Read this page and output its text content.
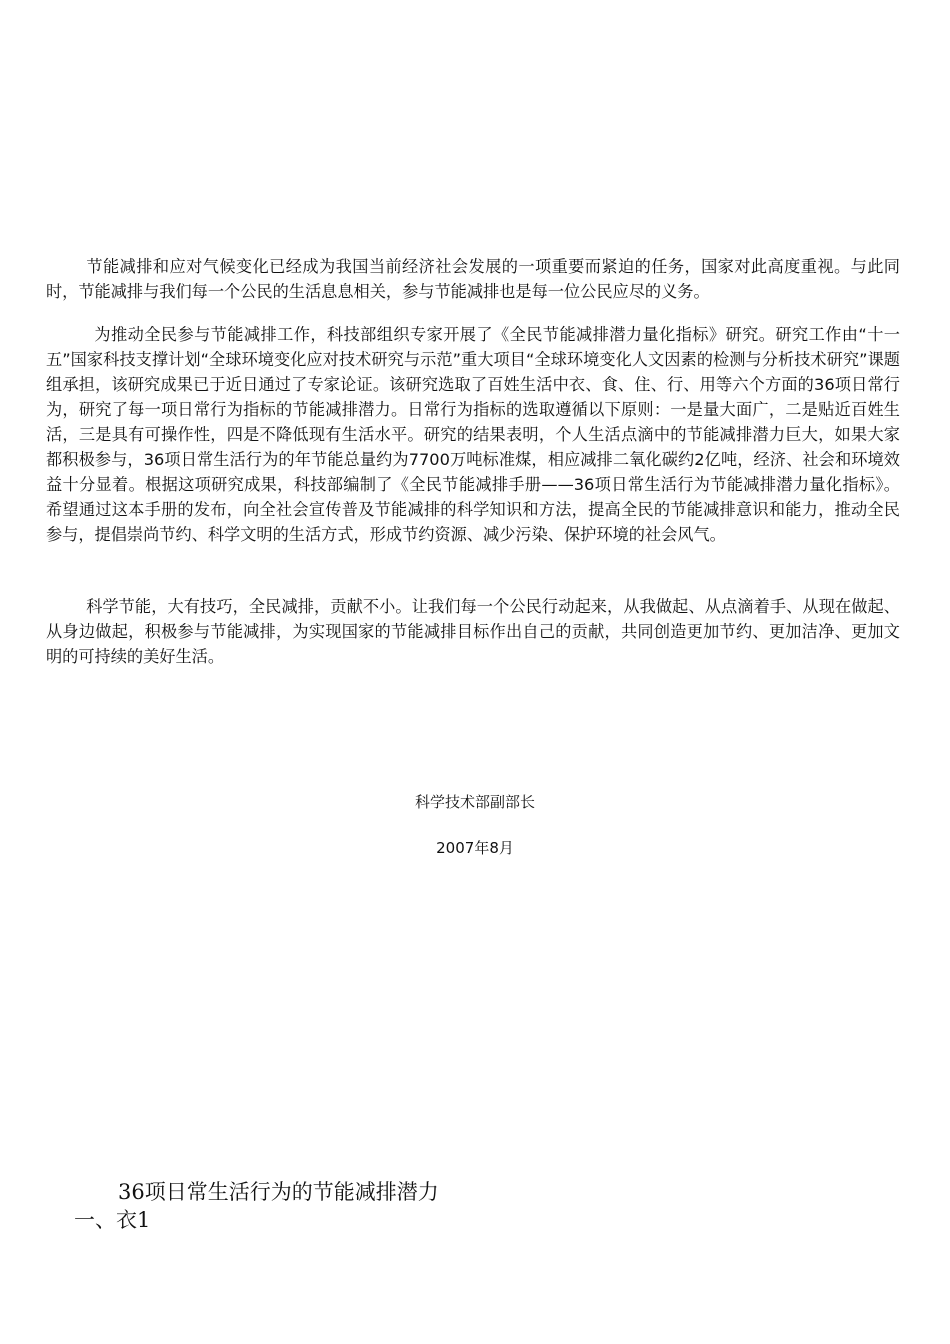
节能减排和应对气候变化已经成为我国当前经济社会发展的一项重要而紧迫的任务，国家对此高度重视。与此同时，节能减排与我们每一个公民的生活息息相关，参与节能减排也是每一位公民应尽的义务。

为推动全民参与节能减排工作，科技部组织专家开展了《全民节能减排潜力量化指标》研究。研究工作由“十一五”国家科技支撑计划“全球环境变化应对技术研究与示范”重大项目“全球环境变化人文因素的检测与分析技术研究”课题组承担，该研究成果已于近日通过了专家论证。该研究选取了百姓生活中衣、食、住、行、用等六个方面的36项日常行为，研究了每一项日常行为指标的节能减排潜力。日常行为指标的选取遵循以下原则：一是量大面广，二是贴近百姓生活，三是具有可操作性，四是不降低现有生活水平。研究的结果表明，个人生活点滴中的节能减排潜力巨大，如果大家都积极参与，36项日常生活行为的年节能总量约为7700万吨标准煤，相应减排二氧化碳约2亿吨，经济、社会和环境效益十分显着。根据这项研究成果，科技部编制了《全民节能减排手册——36项日常生活行为节能减排潜力量化指标》。希望通过这本手册的发布，向全社会宣传普及节能减排的科学知识和方法，提高全民的节能减排意识和能力，推动全民参与，提倡崇尚节约、科学文明的生活方式，形成节约资源、减少污染、保护环境的社会风气。

科学节能，大有技巧，全民减排，贡献不小。让我们每一个公民行动起来，从我做起、从点滴着手、从现在做起、从身边做起，积极参与节能减排，为实现国家的节能减排目标作出自己的贡献，共同创造更加节约、更加洁净、更加文明的可持续的美好生活。

科学技术部副部长

2007年8月

36项日常生活行为的节能减排潜力
一、衣1
